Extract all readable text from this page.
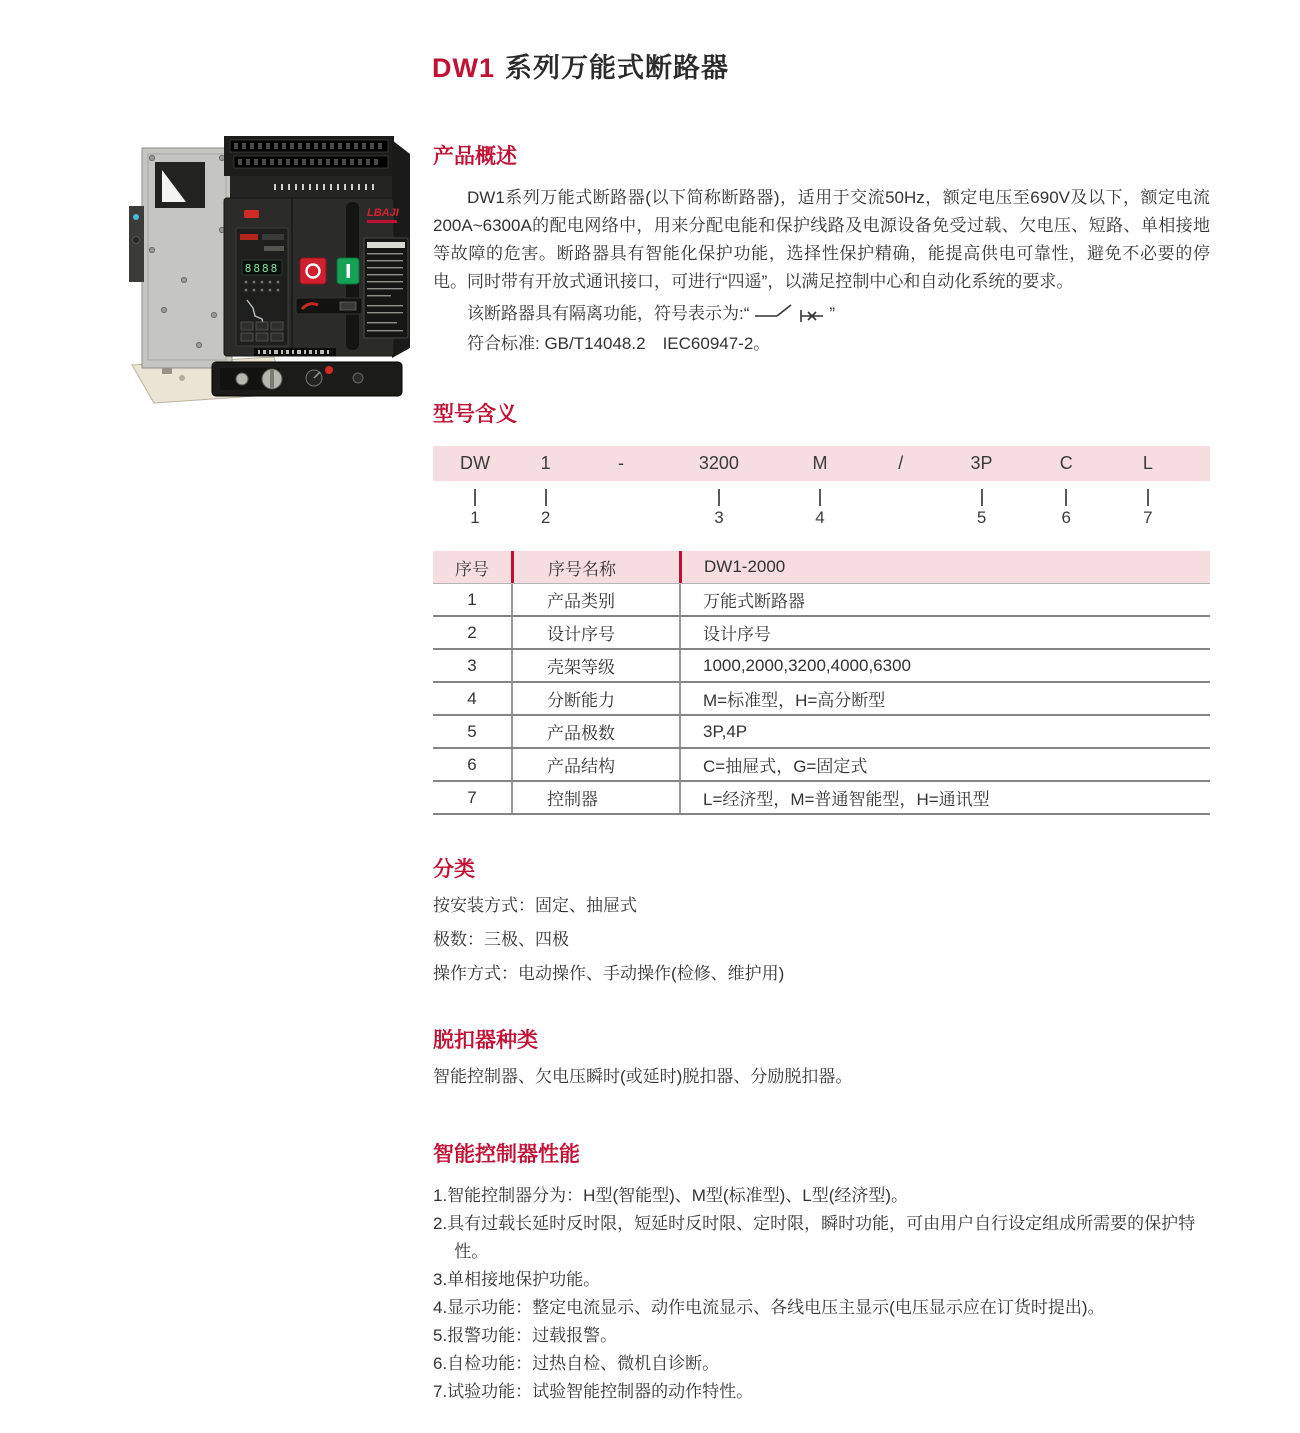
DW1 系列万能式断路器
LBAJI
8888
产品概述

DW1系列万能式断路器(以下简称断路器)，适用于交流50Hz，额定电压至690V及以下，额定电流200A~6300A的配电网络中，用来分配电能和保护线路及电源设备免受过载、欠电压、短路、单相接地等故障的危害。断路器具有智能化保护功能，选择性保护精确，能提高供电可靠性，避免不必要的停电。同时带有开放式通讯接口，可进行“四遥”，以满足控制中心和自动化系统的要求。

该断路器具有隔离功能，符号表示为:“	”

符合标准: GB/T14048.2　IEC60947-2。

型号含义
DW	1	-	3200	M	/	3P	C	L
1	2	3	4	5	6	7
序号	序号名称	DW1-2000
1	产品类别	万能式断路器
2	设计序号	设计序号
3	壳架等级	1000,2000,3200,4000,6300
4	分断能力	M=标准型，H=高分断型
5	产品极数	3P,4P
6	产品结构	C=抽屉式，G=固定式
7	控制器	L=经济型，M=普通智能型，H=通讯型
分类

按安装方式：固定、抽屉式

极数：三极、四极

操作方式：电动操作、手动操作(检修、维护用)

脱扣器种类

智能控制器、欠电压瞬时(或延时)脱扣器、分励脱扣器。

智能控制器性能

1.智能控制器分为：H型(智能型)、M型(标准型)、L型(经济型)。

2.具有过载长延时反时限，短延时反时限、定时限，瞬时功能，可由用户自行设定组成所需要的保护特性。

3.单相接地保护功能。

4.显示功能：整定电流显示、动作电流显示、各线电压主显示(电压显示应在订货时提出)。

5.报警功能：过载报警。

6.自检功能：过热自检、微机自诊断。

7.试验功能：试验智能控制器的动作特性。
